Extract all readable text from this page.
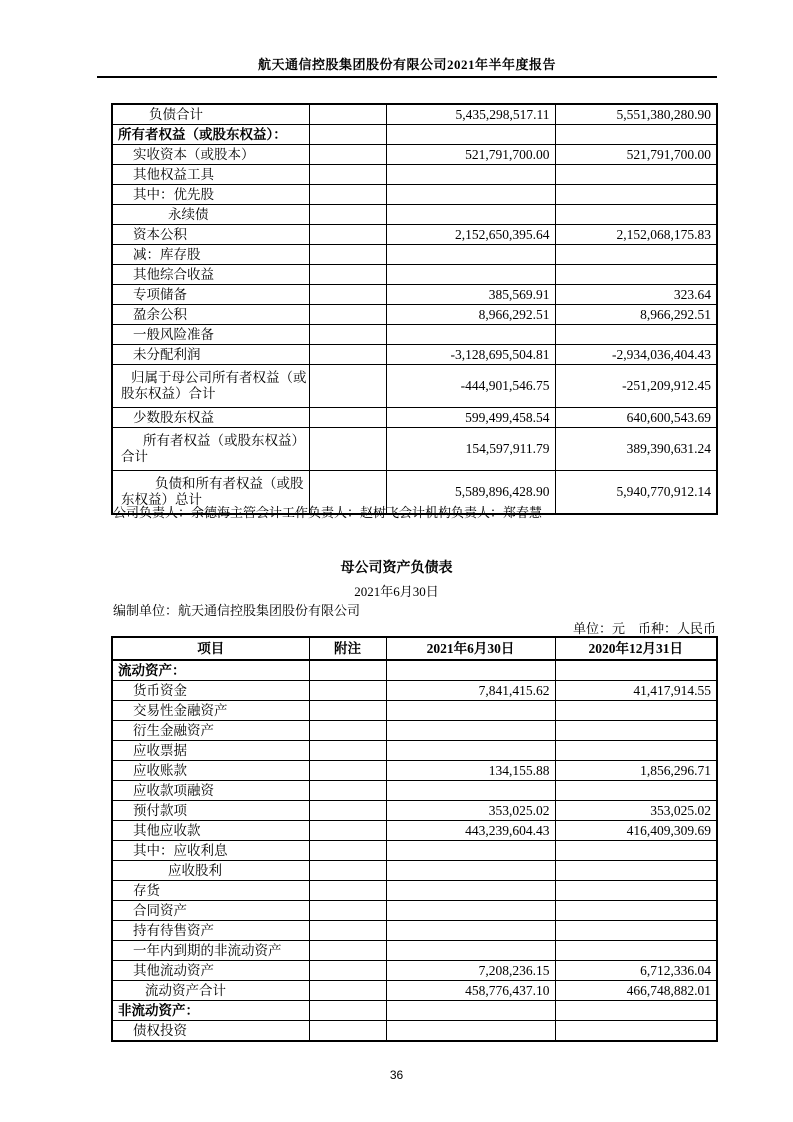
航天通信控股集团股份有限公司2021年半年度报告
负债合计		5,435,298,517.11	5,551,380,280.90
所有者权益（或股东权益）：			
实收资本（或股本）		521,791,700.00	521,791,700.00
其他权益工具			
其中：优先股			
永续债			
资本公积		2,152,650,395.64	2,152,068,175.83
减：库存股			
其他综合收益			
专项储备		385,569.91	323.64
盈余公积		8,966,292.51	8,966,292.51
一般风险准备			
未分配利润		-3,128,695,504.81	-2,934,036,404.43
归属于母公司所有者权益（或股东权益）合计		-444,901,546.75	-251,209,912.45
少数股东权益		599,499,458.54	640,600,543.69
所有者权益（或股东权益）合计		154,597,911.79	389,390,631.24
负债和所有者权益（或股东权益）总计		5,589,896,428.90	5,940,770,912.14
公司负责人：余德海主管会计工作负责人：赵树飞会计机构负责人：郑春慧
母公司资产负债表
2021年6月30日
编制单位：航天通信控股集团股份有限公司
单位：元　币种：人民币
项目	附注	2021年6月30日	2020年12月31日
流动资产：			
货币资金		7,841,415.62	41,417,914.55
交易性金融资产			
衍生金融资产			
应收票据			
应收账款		134,155.88	1,856,296.71
应收款项融资			
预付款项		353,025.02	353,025.02
其他应收款		443,239,604.43	416,409,309.69
其中：应收利息			
应收股利			
存货			
合同资产			
持有待售资产			
一年内到期的非流动资产			
其他流动资产		7,208,236.15	6,712,336.04
流动资产合计		458,776,437.10	466,748,882.01
非流动资产：			
债权投资			
36
